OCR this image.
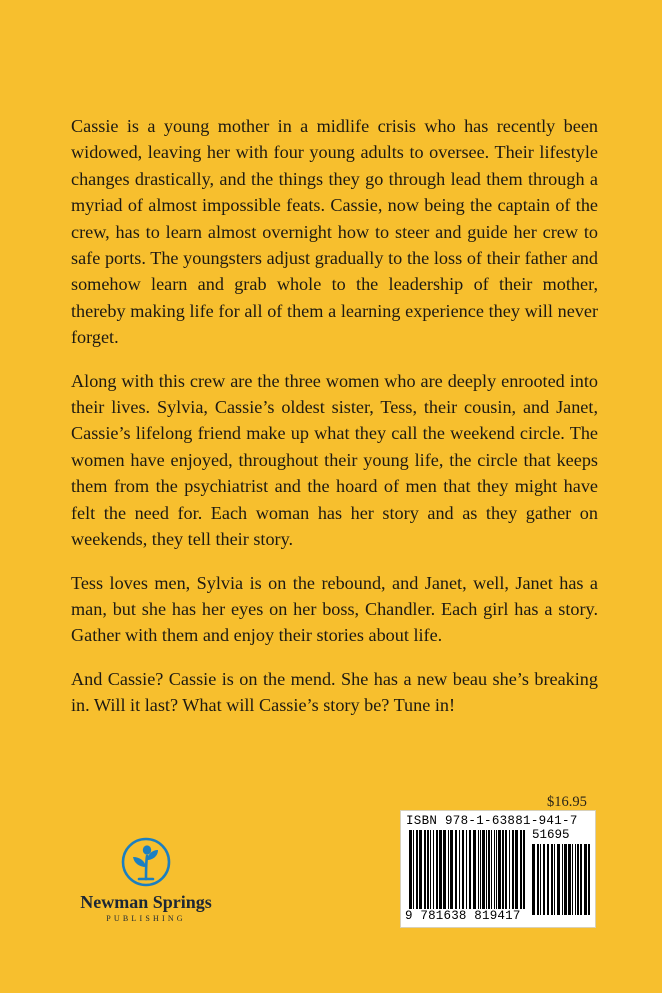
Cassie is a young mother in a midlife crisis who has recently been widowed, leaving her with four young adults to oversee. Their lifestyle changes drastically, and the things they go through lead them through a myriad of almost impossible feats. Cassie, now being the captain of the crew, has to learn almost overnight how to steer and guide her crew to safe ports. The youngsters adjust gradually to the loss of their father and somehow learn and grab whole to the leadership of their mother, thereby making life for all of them a learning experience they will never forget.

Along with this crew are the three women who are deeply enrooted into their lives. Sylvia, Cassie’s oldest sister, Tess, their cousin, and Janet, Cassie’s lifelong friend make up what they call the weekend circle. The women have enjoyed, throughout their young life, the circle that keeps them from the psychiatrist and the hoard of men that they might have felt the need for. Each woman has her story and as they gather on weekends, they tell their story.

Tess loves men, Sylvia is on the rebound, and Janet, well, Janet has a man, but she has her eyes on her boss, Chandler. Each girl has a story. Gather with them and enjoy their stories about life.

And Cassie? Cassie is on the mend. She has a new beau she’s breaking in. Will it last? What will Cassie’s story be? Tune in!

$16.95
ISBN 978-1-63881-941-7
51695
9 781638 819417
Newman Springs
PUBLISHING
